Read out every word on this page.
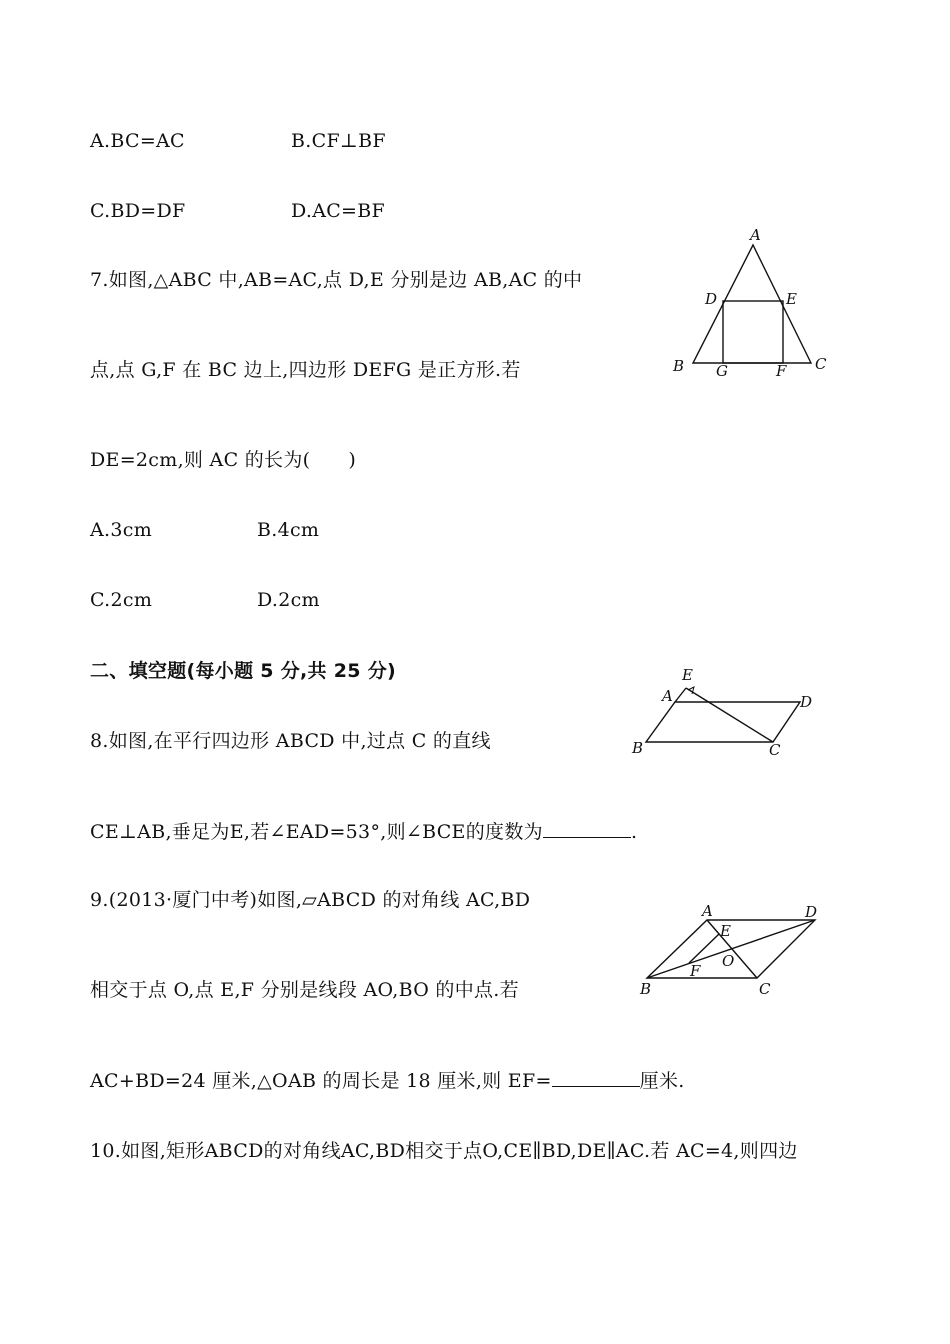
A.BC=AC	B.CF⊥BF
C.BD=DF	D.AC=BF
7.如图,△ABC 中,AB=AC,点 D,E 分别是边 AB,AC 的中
点,点 G,F 在 BC 边上,四边形 DEFG 是正方形.若
DE=2cm,则 AC 的长为(      )
A.3cm	B.4cm
C.2cm	D.2cm
A
D	E
B G	F C
二、填空题(每小题 5 分,共 25 分)
8.如图,在平行四边形 ABCD 中,过点 C 的直线
CE⊥AB,垂足为E,若∠EAD=53°,则∠BCE的度数为	.
E
A	D
B	C
9.(2013·厦门中考)如图,▱ABCD 的对角线 AC,BD
相交于点 O,点 E,F 分别是线段 AO,BO 的中点.若
AC+BD=24 厘米,△OAB 的周长是 18 厘米,则 EF=	厘米.
A	D
E
O
F
B	C
10.如图,矩形ABCD的对角线AC,BD相交于点O,CE∥BD,DE∥AC.若 AC=4,则四边
